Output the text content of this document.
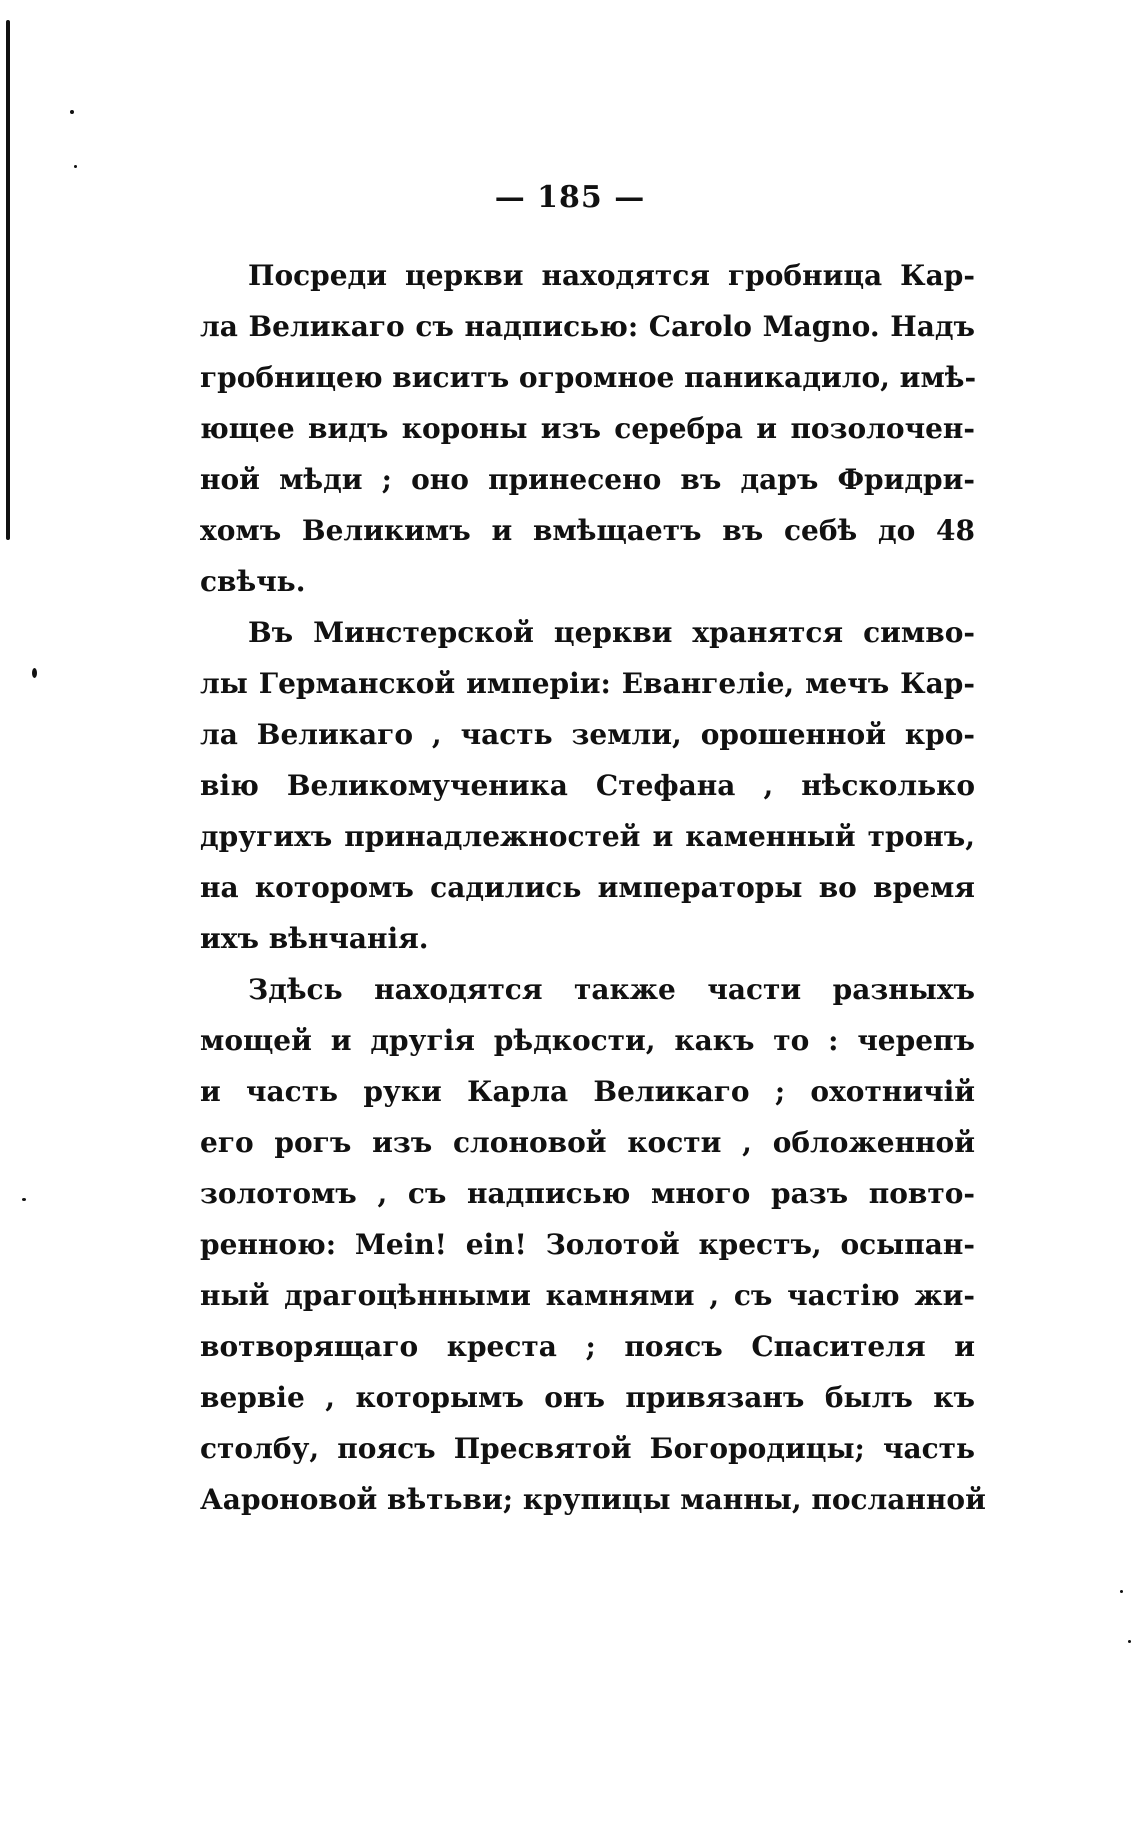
— 185 —
Посреди церкви находятся гробница Кар-
ла Великаго съ надписью: Carolo Magno. Надъ
гробницею виситъ огромное паникадило, имѣ-
ющее видъ короны изъ серебра и позолочен-
ной мѣди ; оно принесено въ даръ Фридри-
хомъ Великимъ и вмѣщаетъ въ себѣ до 48
свѣчь.
Въ Минстерской церкви хранятся симво-
лы Германской имперіи: Евангеліе, мечъ Кар-
ла Великаго , часть земли, орошенной кро-
вію Великомученика Стефана , нѣсколько
другихъ принадлежностей и каменный тронъ,
на которомъ садились императоры во время
ихъ вѣнчанія.
Здѣсь находятся также части разныхъ
мощей и другія рѣдкости, какъ то : черепъ
и часть руки Карла Великаго ; охотничій
его рогъ изъ слоновой кости , обложенной
золотомъ , съ надписью много разъ повто-
ренною: Mein! ein! Золотой крестъ, осыпан-
ный драгоцѣнными камнями , съ частію жи-
вотворящаго креста ; поясъ Спасителя и
вервіе , которымъ онъ привязанъ былъ къ
столбу, поясъ Пресвятой Богородицы; часть
Аароновой вѣтьви; крупицы манны, посланной
